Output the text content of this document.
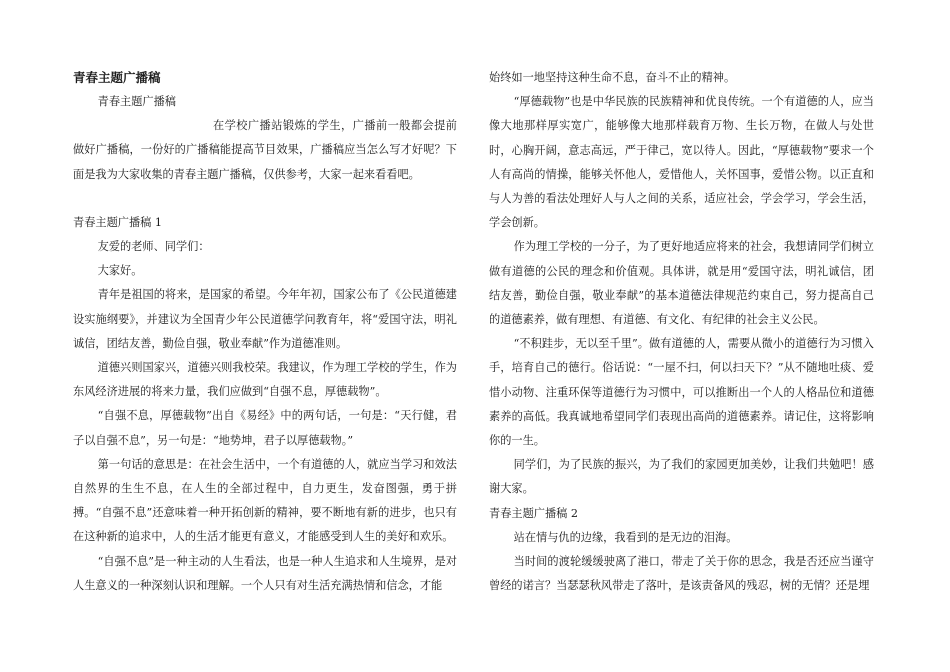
青春主题广播稿

青春主题广播稿

在学校广播站锻炼的学生，广播前一般都会提前做好广播稿，一份好的广播稿能提高节目效果，广播稿应当怎么写才好呢？下面是我为大家收集的青春主题广播稿，仅供参考，大家一起来看看吧。

青春主题广播稿 1

友爱的老师、同学们：

大家好。

青年是祖国的将来，是国家的希望。今年年初，国家公布了《公民道德建设实施纲要》，并建议为全国青少年公民道德学问教育年，将“爱国守法，明礼诚信，团结友善，勤俭自强，敬业奉献”作为道德准则。

道德兴则国家兴，道德兴则我校荣。我建议，作为理工学校的学生，作为东风经济进展的将来力量，我们应做到“自强不息，厚德载物”。

“自强不息，厚德载物”出自《易经》中的两句话，一句是：“天行健，君子以自强不息”，另一句是：“地势坤，君子以厚德载物。”

第一句话的意思是：在社会生活中，一个有道德的人，就应当学习和效法自然界的生生不息，在人生的全部过程中，自力更生，发奋图强，勇于拼搏。“自强不息”还意味着一种开拓创新的精神，要不断地有新的进步，也只有在这种新的追求中，人的生活才能更有意义，才能感受到人生的美好和欢乐。

“自强不息”是一种主动的人生看法，也是一种人生追求和人生境界，是对人生意义的一种深刻认识和理解。一个人只有对生活充满热情和信念，才能

始终如一地坚持这种生命不息，奋斗不止的精神。

“厚德载物”也是中华民族的民族精神和优良传统。一个有道德的人，应当像大地那样厚实宽广，能够像大地那样载育万物、生长万物，在做人与处世时，心胸开阔，意志高远，严于律己，宽以待人。因此，“厚德载物”要求一个人有高尚的情操，能够关怀他人，爱惜他人，关怀国事，爱惜公物。以正直和与人为善的看法处理好人与人之间的关系，适应社会，学会学习，学会生活，学会创新。

作为理工学校的一分子，为了更好地适应将来的社会，我想请同学们树立做有道德的公民的理念和价值观。具体讲，就是用“爱国守法，明礼诚信，团结友善，勤俭自强，敬业奉献”的基本道德法律规范约束自己，努力提高自己的道德素养，做有理想、有道德、有文化、有纪律的社会主义公民。

“不积跬步，无以至千里”。做有道德的人，需要从微小的道德行为习惯入手，培育自己的德行。俗话说：“一屋不扫，何以扫天下？”从不随地吐痰、爱惜小动物、注重环保等道德行为习惯中，可以推断出一个人的人格品位和道德素养的高低。我真诚地希望同学们表现出高尚的道德素养。请记住，这将影响你的一生。

同学们，为了民族的振兴，为了我们的家园更加美妙，让我们共勉吧！感谢大家。

青春主题广播稿 2

站在情与仇的边缘，我看到的是无边的泪海。

当时间的渡轮缓缓驶离了港口，带走了关于你的思念，我是否还应当谨守曾经的诺言？当瑟瑟秋风带走了落叶，是该责备风的残忍，树的无情？还是埋
